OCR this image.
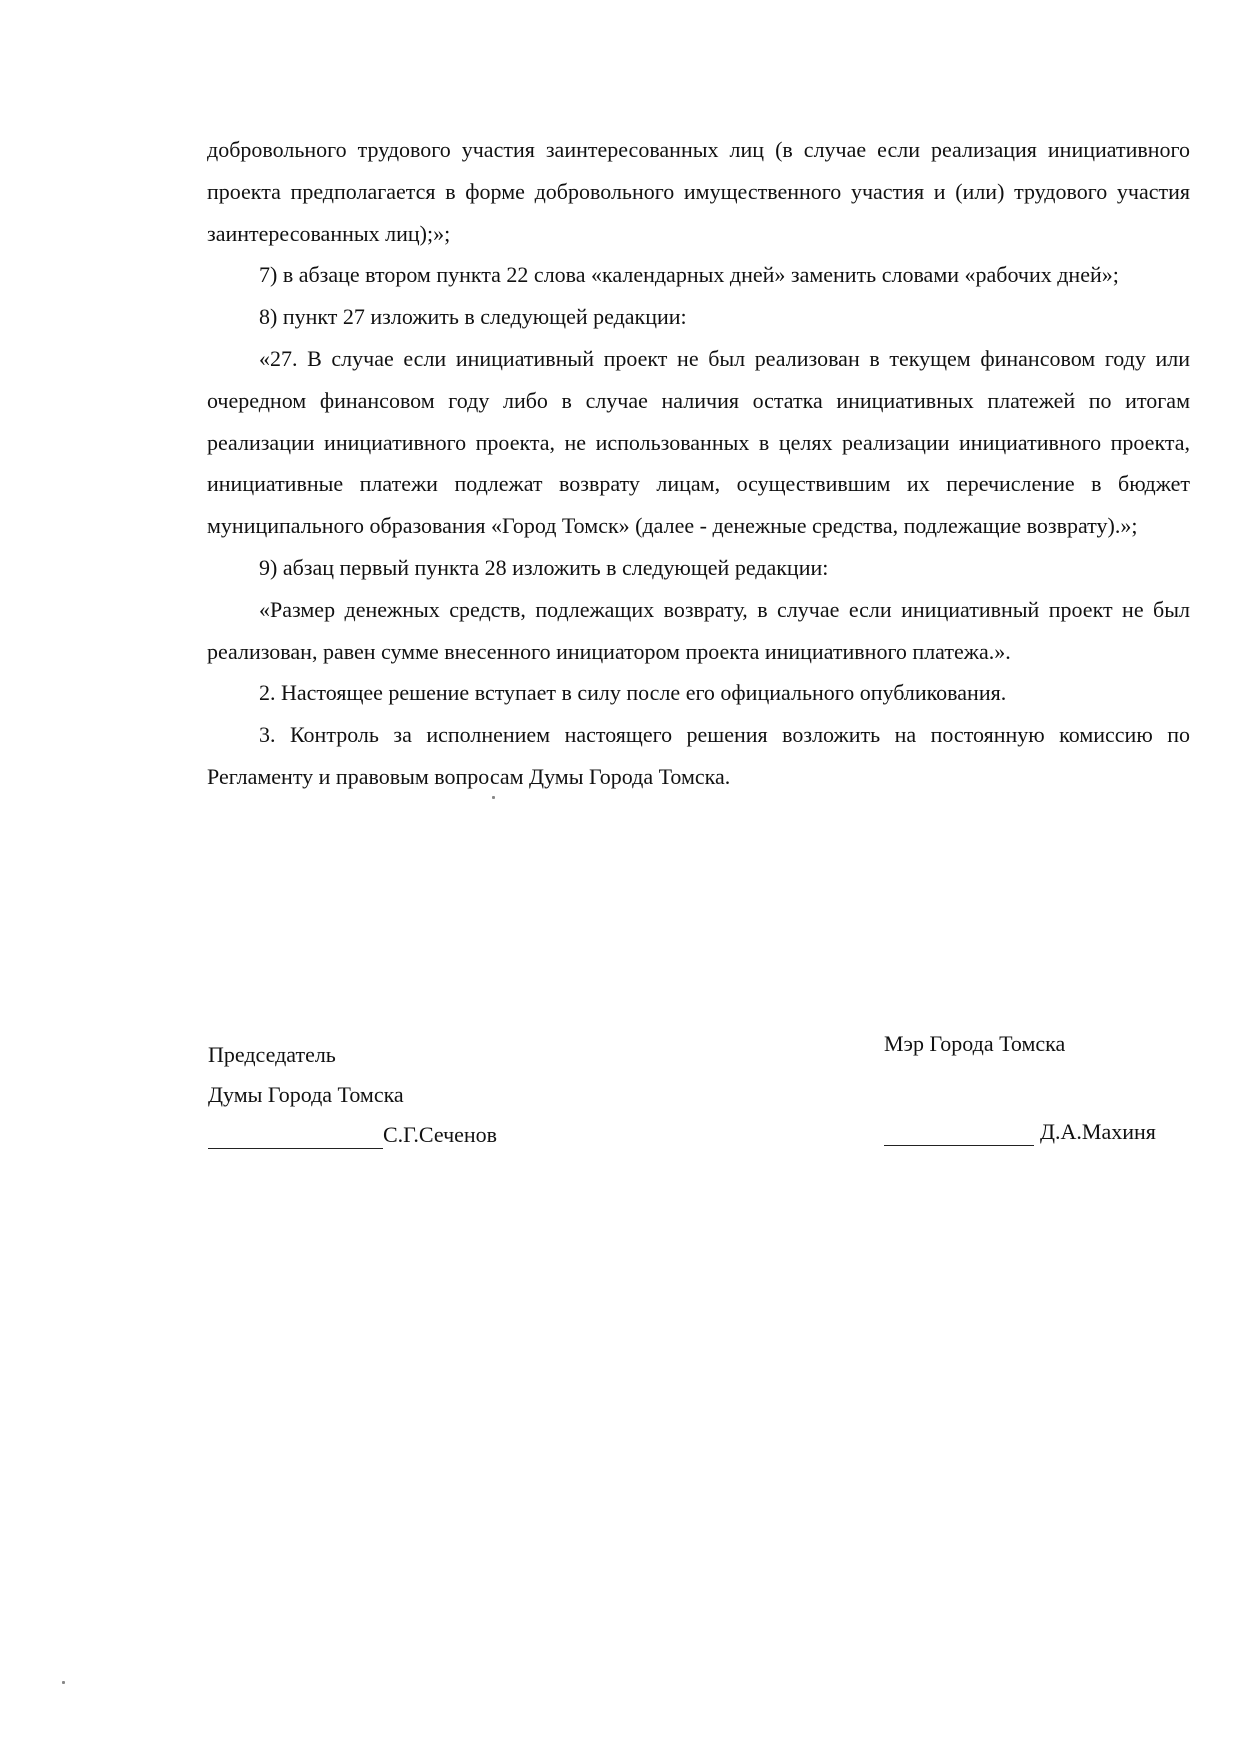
добровольного трудового участия заинтересованных лиц (в случае если реализация инициативного проекта предполагается в форме добровольного имущественного участия и (или) трудового участия заинтересованных лиц);»;

7) в абзаце втором пункта 22 слова «календарных дней» заменить словами «рабочих дней»;

8) пункт 27 изложить в следующей редакции:

«27. В случае если инициативный проект не был реализован в текущем финансовом году или очередном финансовом году либо в случае наличия остатка инициативных платежей по итогам реализации инициативного проекта, не использованных в целях реализации инициативного проекта, инициативные платежи подлежат возврату лицам, осуществившим их перечисление в бюджет муниципального образования «Город Томск» (далее - денежные средства, подлежащие возврату).»;

9) абзац первый пункта 28 изложить в следующей редакции:

«Размер денежных средств, подлежащих возврату, в случае если инициативный проект не был реализован, равен сумме внесенного инициатором проекта инициативного платежа.».

2. Настоящее решение вступает в силу после его официального опубликования.

3. Контроль за исполнением настоящего решения возложить на постоянную комиссию по Регламенту и правовым вопросам Думы Города Томска.

Председатель
Думы Города Томска
С.Г.Сеченов
Мэр Города Томска
Д.А.Махиня
